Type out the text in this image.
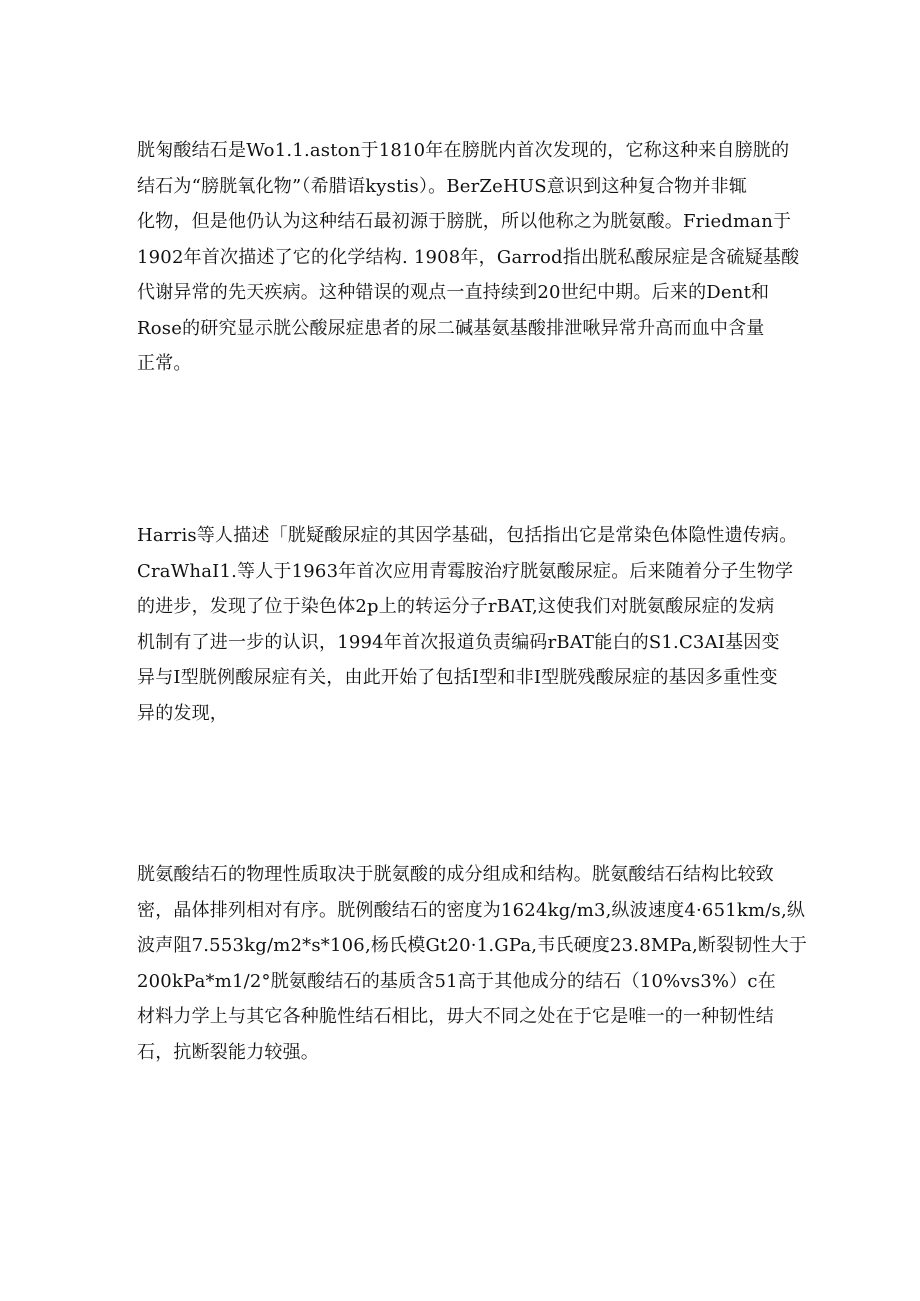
胱匊酸结石是Wo1.1.aston于1810年在膀胱内首次发现的，它称这种来自膀胱的
结石为“膀胱氧化物”（希腊语kystis）。BerZeHUS意识到这种复合物并非辄
化物，但是他仍认为这种结石最初源于膀胱，所以他称之为胱氨酸。Friedman于
1902年首次描述了它的化学结构. 1908年，Garrod指出胱私酸尿症是含硫疑基酸
代谢异常的先天疾病。这种错误的观点一直持续到20世纪中期。后来的Dent和
Rose的研究显示胱公酸尿症患者的尿二碱基氨基酸排泄啾异常升高而血中含量
正常。
Harris等人描述「胱疑酸尿症的其因学基础，包括指出它是常染色体隐性遗传病。
CraWhaI1.等人于1963年首次应用青霉胺治疗胱氨酸尿症。后来随着分子生物学
的进步，发现了位于染色体2p上的转运分子rBAT,这使我们对胱氨酸尿症的发病
机制有了进一步的认识，1994年首次报道负责编码rBAT能白的S1.C3AI基因变
异与I型胱例酸尿症有关，由此开始了包括I型和非I型胱残酸尿症的基因多重性变
异的发现，
胱氨酸结石的物理性质取决于胱氨酸的成分组成和结构。胱氨酸结石结构比较致
密，晶体排列相对有序。胱例酸结石的密度为1624kg∕m3,纵波速度4·651km∕s,纵
波声阻7.553kg∕m2*s*106,杨氏模Gt20·1.GPa,韦氏硬度23.8MPa,断裂韧性大于
200kPa*m1∕2°胱氨酸结石的基质含51高于其他成分的结石（10%vs3%）c在
材料力学上与其它各种脆性结石相比，毋大不同之处在于它是唯一的一种韧性结
石，抗断裂能力较强。
